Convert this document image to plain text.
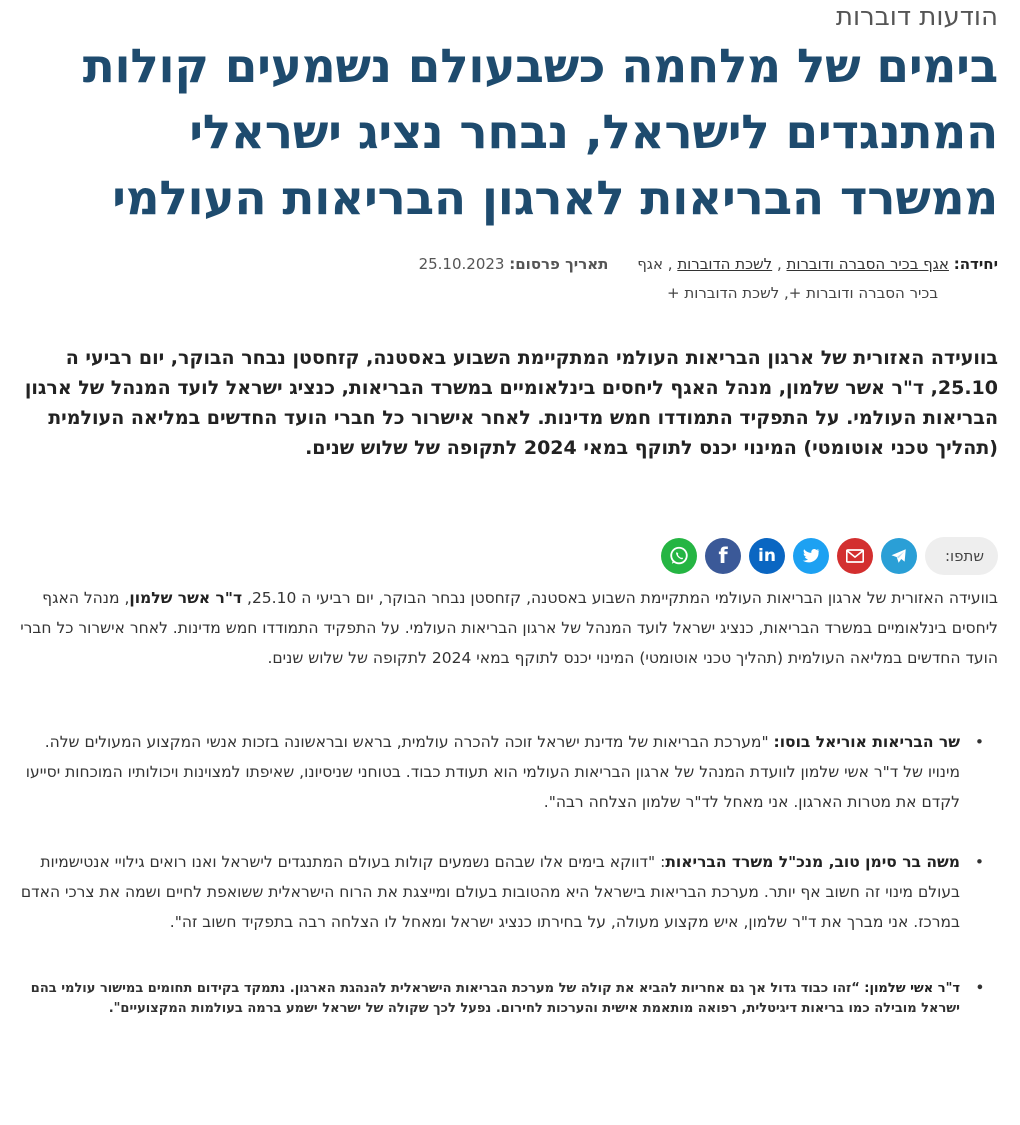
הודעות דוברות
בימים של מלחמה כשבעולם נשמעים קולות המתנגדים לישראל, נבחר נציג ישראלי ממשרד הבריאות לארגון הבריאות העולמי
יחידה: אגף בכיר הסברה ודוברות , לשכת הדוברות , אגף תאריך פרסום: 25.10.2023
בכיר הסברה ודוברות +, לשכת הדוברות +

בוועידה האזורית של ארגון הבריאות העולמי המתקיימת השבוע באסטנה, קזחסטן נבחר הבוקר, יום רביעי ה 25.10, ד"ר אשר שלמון, מנהל האגף ליחסים בינלאומיים במשרד הבריאות, כנציג ישראל לועד המנהל של ארגון הבריאות העולמי. על התפקיד התמודדו חמש מדינות. לאחר אישרור כל חברי הועד החדשים במליאה העולמית (תהליך טכני אוטומטי) המינוי יכנס לתוקף במאי 2024 לתקופה של שלוש שנים.

שתפו:
in
f

בוועידה האזורית של ארגון הבריאות העולמי המתקיימת השבוע באסטנה, קזחסטן נבחר הבוקר, יום רביעי ה 25.10, ד"ר אשר שלמון, מנהל האגף ליחסים בינלאומיים במשרד הבריאות, כנציג ישראל לועד המנהל של ארגון הבריאות העולמי. על התפקיד התמודדו חמש מדינות. לאחר אישרור כל חברי הועד החדשים במליאה העולמית (תהליך טכני אוטומטי) המינוי יכנס לתוקף במאי 2024 לתקופה של שלוש שנים.

• שר הבריאות אוריאל בוסו: "מערכת הבריאות של מדינת ישראל זוכה להכרה עולמית, בראש ובראשונה בזכות אנשי המקצוע המעולים שלה. מינויו של ד"ר אשי שלמון לוועדת המנהל של ארגון הבריאות העולמי הוא תעודת כבוד. בטוחני שניסיונו, שאיפתו למצוינות ויכולותיו המוכחות יסייעו לקדם את מטרות הארגון. אני מאחל לד"ר שלמון הצלחה רבה".
• משה בר סימן טוב, מנכ"ל משרד הבריאות: "דווקא בימים אלו שבהם נשמעים קולות בעולם המתנגדים לישראל ואנו רואים גילויי אנטישמיות בעולם מינוי זה חשוב אף יותר. מערכת הבריאות בישראל היא מהטובות בעולם ומייצגת את הרוח הישראלית ששואפת לחיים ושמה את צרכי האדם במרכז. אני מברך את ד"ר שלמון, איש מקצוע מעולה, על בחירתו כנציג ישראל ומאחל לו הצלחה רבה בתפקיד חשוב זה".
• ד"ר אשי שלמון: “זהו כבוד גדול אך גם אחריות להביא את קולה של מערכת הבריאות הישראלית להנהגת הארגון. נתמקד בקידום תחומים במישור עולמי בהם ישראל מובילה כמו בריאות דיגיטלית, רפואה מותאמת אישית והערכות לחירום. נפעל לכך שקולה של ישראל ישמע ברמה בעולמות המקצועיים".
